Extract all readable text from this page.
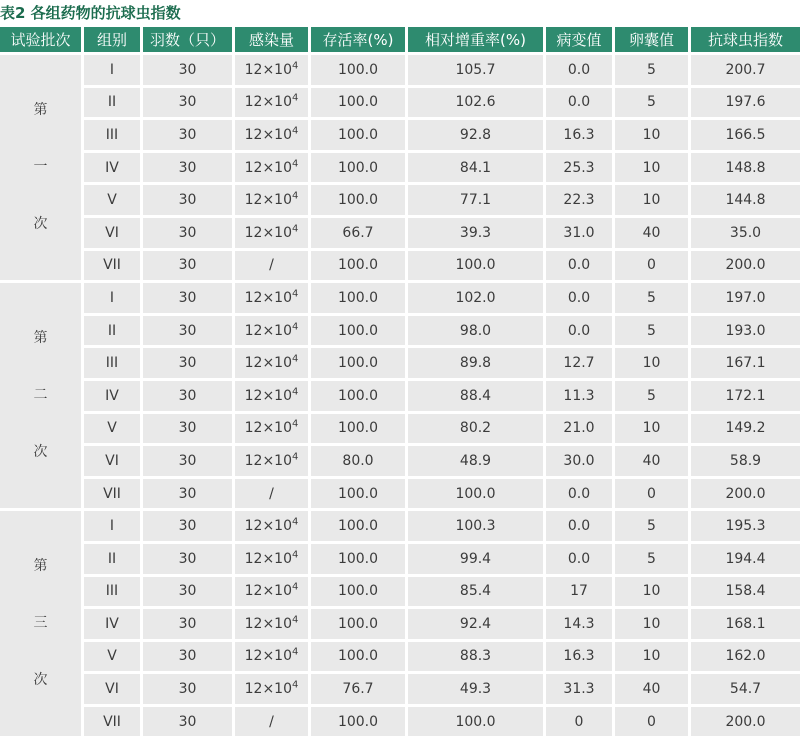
表2 各组药物的抗球虫指数
试验批次	组别	羽数（只）	感染量	存活率(%)	相对增重率(%)	病变值	卵囊值	抗球虫指数

第
一
次	I	30	$12\times 10^4$	100.0	105.7	0.0	5	200.7
	II	30	$12\times 10^4$	100.0	102.6	0.0	5	197.6
	III	30	$12\times 10^4$	100.0	92.8	16.3	10	166.5
	IV	30	$12\times 10^4$	100.0	84.1	25.3	10	148.8
	V	30	$12\times 10^4$	100.0	77.1	22.3	10	144.8
	VI	30	$12\times 10^4$	66.7	39.3	31.0	40	35.0
	VII	30	/	100.0	100.0	0.0	0	200.0

第
二
次	I	30	$12\times 10^4$	100.0	102.0	0.0	5	197.0
	II	30	$12\times 10^4$	100.0	98.0	0.0	5	193.0
	III	30	$12\times 10^4$	100.0	89.8	12.7	10	167.1
	IV	30	$12\times 10^4$	100.0	88.4	11.3	5	172.1
	V	30	$12\times 10^4$	100.0	80.2	21.0	10	149.2
	VI	30	$12\times 10^4$	80.0	48.9	30.0	40	58.9
	VII	30	/	100.0	100.0	0.0	0	200.0

第
三
次	I	30	$12\times 10^4$	100.0	100.3	0.0	5	195.3
	II	30	$12\times 10^4$	100.0	99.4	0.0	5	194.4
	III	30	$12\times 10^4$	100.0	85.4	17	10	158.4
	IV	30	$12\times 10^4$	100.0	92.4	14.3	10	168.1
	V	30	$12\times 10^4$	100.0	88.3	16.3	10	162.0
	VI	30	$12\times 10^4$	76.7	49.3	31.3	40	54.7
	VII	30	/	100.0	100.0	0	0	200.0
